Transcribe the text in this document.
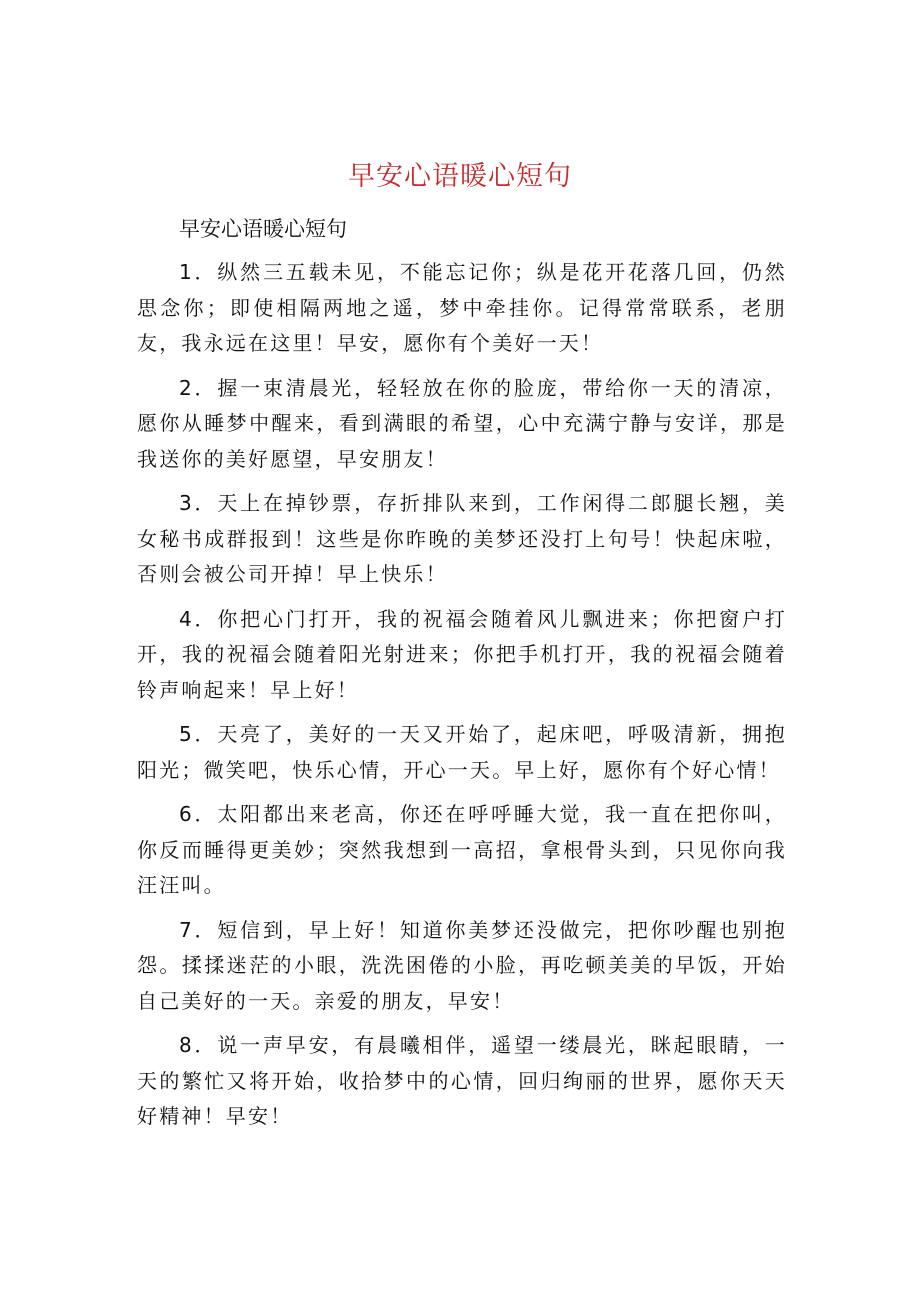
早安心语暖心短句
早安心语暖心短句

1．纵然三五载未见，不能忘记你；纵是花开花落几回，仍然思念你；即使相隔两地之遥，梦中牵挂你。记得常常联系，老朋友，我永远在这里！早安，愿你有个美好一天！

2．握一束清晨光，轻轻放在你的脸庞，带给你一天的清凉，愿你从睡梦中醒来，看到满眼的希望，心中充满宁静与安详，那是我送你的美好愿望，早安朋友！

3．天上在掉钞票，存折排队来到，工作闲得二郎腿长翘，美女秘书成群报到！这些是你昨晚的美梦还没打上句号！快起床啦，否则会被公司开掉！早上快乐！

4．你把心门打开，我的祝福会随着风儿飘进来；你把窗户打开，我的祝福会随着阳光射进来；你把手机打开，我的祝福会随着铃声响起来！早上好！

5．天亮了，美好的一天又开始了，起床吧，呼吸清新，拥抱阳光；微笑吧，快乐心情，开心一天。早上好，愿你有个好心情！

6．太阳都出来老高，你还在呼呼睡大觉，我一直在把你叫，你反而睡得更美妙；突然我想到一高招，拿根骨头到，只见你向我汪汪叫。

7．短信到，早上好！知道你美梦还没做完，把你吵醒也别抱怨。揉揉迷茫的小眼，洗洗困倦的小脸，再吃顿美美的早饭，开始自己美好的一天。亲爱的朋友，早安！

8．说一声早安，有晨曦相伴，遥望一缕晨光，眯起眼睛，一天的繁忙又将开始，收拾梦中的心情，回归绚丽的世界，愿你天天好精神！早安！
